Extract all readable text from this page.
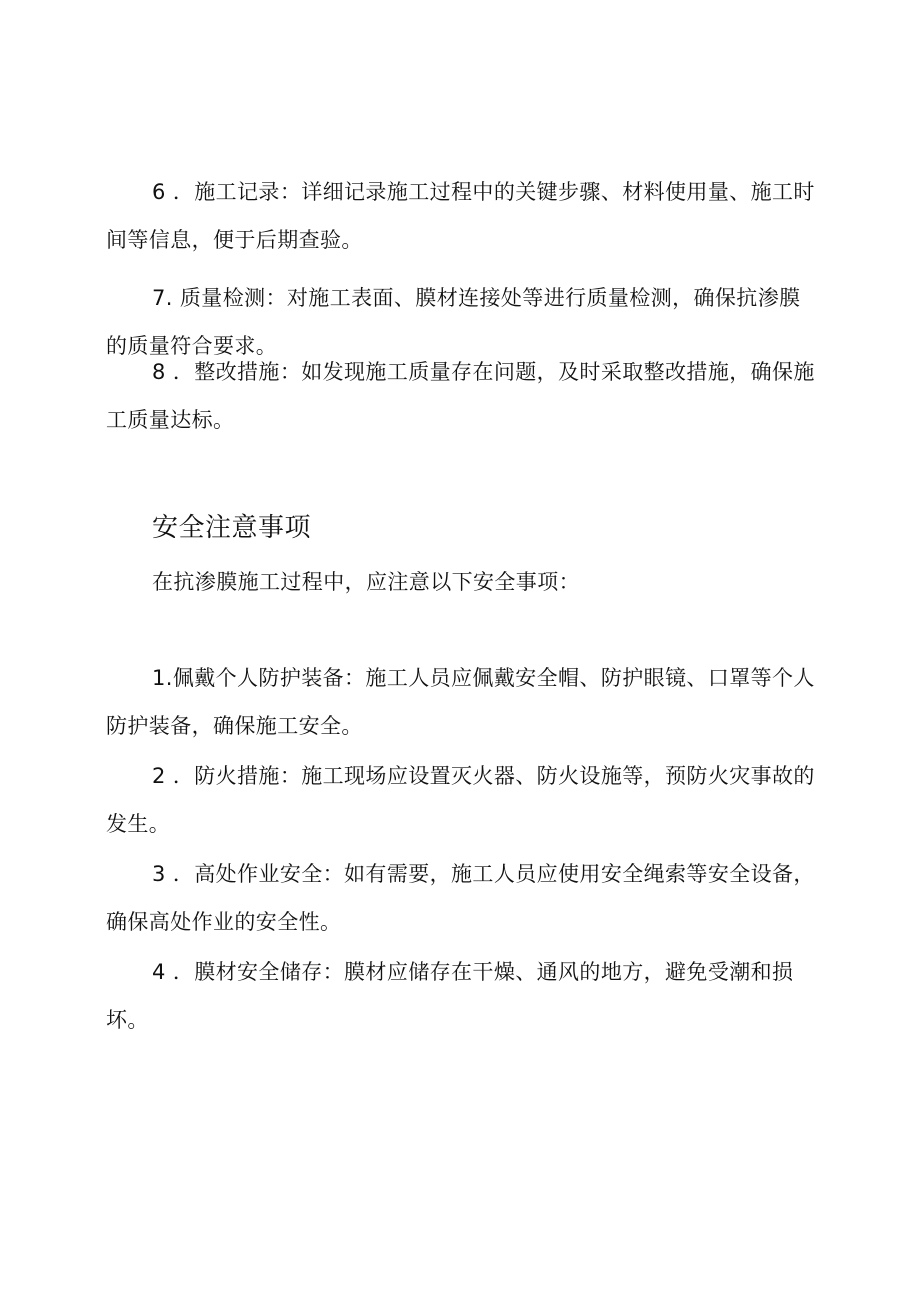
6 ．施工记录：详细记录施工过程中的关键步骤、材料使用量、施工时间等信息，便于后期查验。

7. 质量检测：对施工表面、膜材连接处等进行质量检测，确保抗渗膜的质量符合要求。

8 ．整改措施：如发现施工质量存在问题，及时采取整改措施，确保施工质量达标。

安全注意事项

在抗渗膜施工过程中，应注意以下安全事项：

1.佩戴个人防护装备：施工人员应佩戴安全帽、防护眼镜、口罩等个人防护装备，确保施工安全。

2 ．防火措施：施工现场应设置灭火器、防火设施等，预防火灾事故的发生。

3 ．高处作业安全：如有需要，施工人员应使用安全绳索等安全设备，确保高处作业的安全性。

4 ．膜材安全储存：膜材应储存在干燥、通风的地方，避免受潮和损坏。
